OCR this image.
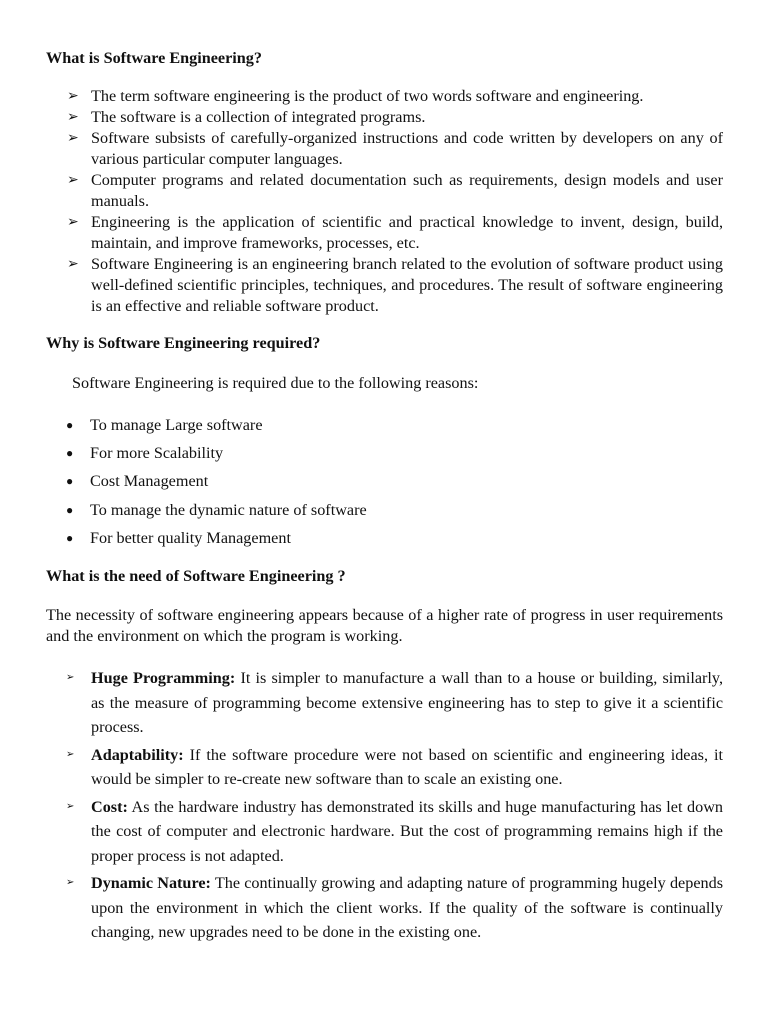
What is Software Engineering?
➢ The term software engineering is the product of two words software and engineering.
➢ The software is a collection of integrated programs.
➢ Software subsists of carefully-organized instructions and code written by developers on any of various particular computer languages.
➢ Computer programs and related documentation such as requirements, design models and user manuals.
➢ Engineering is the application of scientific and practical knowledge to invent, design, build, maintain, and improve frameworks, processes, etc.
➢ Software Engineering is an engineering branch related to the evolution of software product using well-defined scientific principles, techniques, and procedures. The result of software engineering is an effective and reliable software product.
Why is Software Engineering required?

Software Engineering is required due to the following reasons:

● To manage Large software
● For more Scalability
● Cost Management
● To manage the dynamic nature of software
● For better quality Management
What is the need of Software Engineering ?

The necessity of software engineering appears because of a higher rate of progress in user requirements and the environment on which the program is working.

➢ Huge Programming: It is simpler to manufacture a wall than to a house or building, similarly, as the measure of programming become extensive engineering has to step to give it a scientific process.
➢ Adaptability: If the software procedure were not based on scientific and engineering ideas, it would be simpler to re-create new software than to scale an existing one.
➢ Cost: As the hardware industry has demonstrated its skills and huge manufacturing has let down the cost of computer and electronic hardware. But the cost of programming remains high if the proper process is not adapted.
➢ Dynamic Nature: The continually growing and adapting nature of programming hugely depends upon the environment in which the client works. If the quality of the software is continually changing, new upgrades need to be done in the existing one.
